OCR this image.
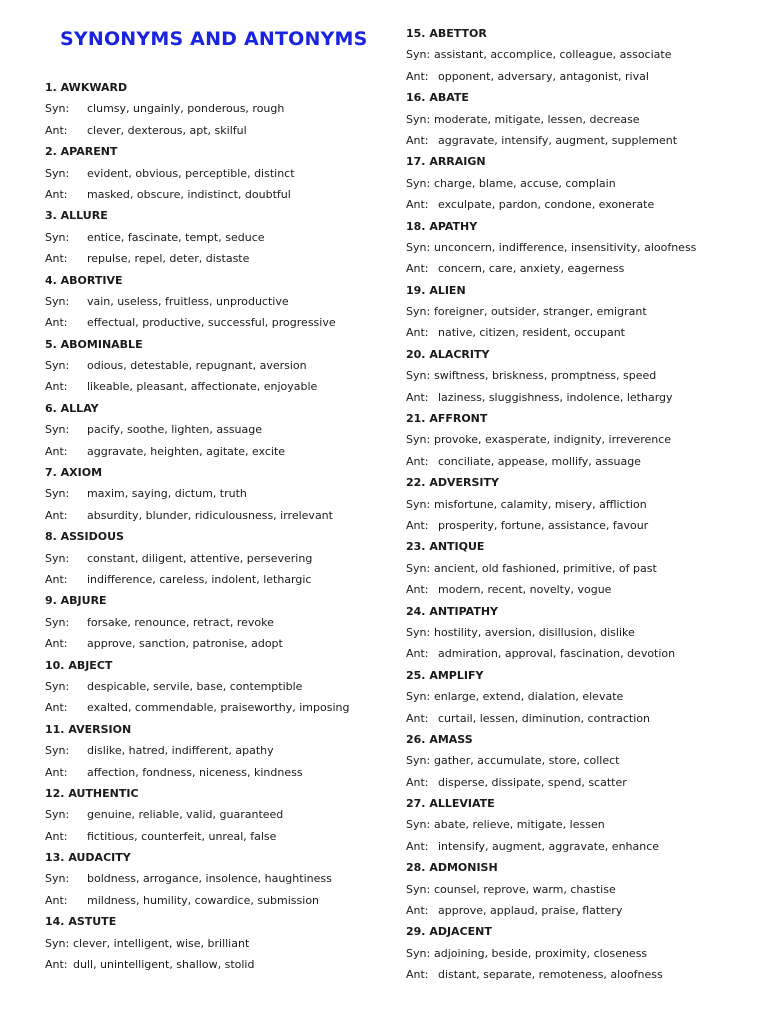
SYNONYMS AND ANTONYMS
1. AWKWARD
Syn:	clumsy, ungainly, ponderous, rough
Ant:	clever, dexterous, apt, skilful
2. APARENT
Syn:	evident, obvious, perceptible, distinct
Ant:	masked, obscure, indistinct, doubtful
3. ALLURE
Syn:	entice, fascinate, tempt, seduce
Ant:	repulse, repel, deter, distaste
4. ABORTIVE
Syn:	vain, useless, fruitless, unproductive
Ant:	effectual, productive, successful, progressive
5. ABOMINABLE
Syn:	odious, detestable, repugnant, aversion
Ant:	likeable, pleasant, affectionate, enjoyable
6. ALLAY
Syn:	pacify, soothe, lighten, assuage
Ant:	aggravate, heighten, agitate, excite
7. AXIOM
Syn:	maxim, saying, dictum, truth
Ant:	absurdity, blunder, ridiculousness, irrelevant
8. ASSIDOUS
Syn:	constant, diligent, attentive, persevering
Ant:	indifference, careless, indolent, lethargic
9. ABJURE
Syn:	forsake, renounce, retract, revoke
Ant:	approve, sanction, patronise, adopt
10. ABJECT
Syn:	despicable, servile, base, contemptible
Ant:	exalted, commendable, praiseworthy, imposing
11. AVERSION
Syn:	dislike, hatred, indifferent, apathy
Ant:	affection, fondness, niceness, kindness
12. AUTHENTIC
Syn:	genuine, reliable, valid, guaranteed
Ant:	fictitious, counterfeit, unreal, false
13. AUDACITY
Syn:	boldness, arrogance, insolence, haughtiness
Ant:	mildness, humility, cowardice, submission
14. ASTUTE
Syn: clever, intelligent, wise, brilliant
Ant: dull, unintelligent, shallow, stolid
15. ABETTOR
Syn: assistant, accomplice, colleague, associate
Ant: opponent, adversary, antagonist, rival
16. ABATE
Syn: moderate, mitigate, lessen, decrease
Ant: aggravate, intensify, augment, supplement
17. ARRAIGN
Syn: charge, blame, accuse, complain
Ant: exculpate, pardon, condone, exonerate
18. APATHY
Syn: unconcern, indifference, insensitivity, aloofness
Ant: concern, care, anxiety, eagerness
19. ALIEN
Syn: foreigner, outsider, stranger, emigrant
Ant: native, citizen, resident, occupant
20. ALACRITY
Syn: swiftness, briskness, promptness, speed
Ant: laziness, sluggishness, indolence, lethargy
21. AFFRONT
Syn: provoke, exasperate, indignity, irreverence
Ant: conciliate, appease, mollify, assuage
22. ADVERSITY
Syn: misfortune, calamity, misery, affliction
Ant: prosperity, fortune, assistance, favour
23. ANTIQUE
Syn: ancient, old fashioned, primitive, of past
Ant: modern, recent, novelty, vogue
24. ANTIPATHY
Syn: hostility, aversion, disillusion, dislike
Ant: admiration, approval, fascination, devotion
25. AMPLIFY
Syn: enlarge, extend, dialation, elevate
Ant: curtail, lessen, diminution, contraction
26. AMASS
Syn: gather, accumulate, store, collect
Ant: disperse, dissipate, spend, scatter
27. ALLEVIATE
Syn: abate, relieve, mitigate, lessen
Ant: intensify, augment, aggravate, enhance
28. ADMONISH
Syn: counsel, reprove, warm, chastise
Ant: approve, applaud, praise, flattery
29. ADJACENT
Syn: adjoining, beside, proximity, closeness
Ant: distant, separate, remoteness, aloofness
